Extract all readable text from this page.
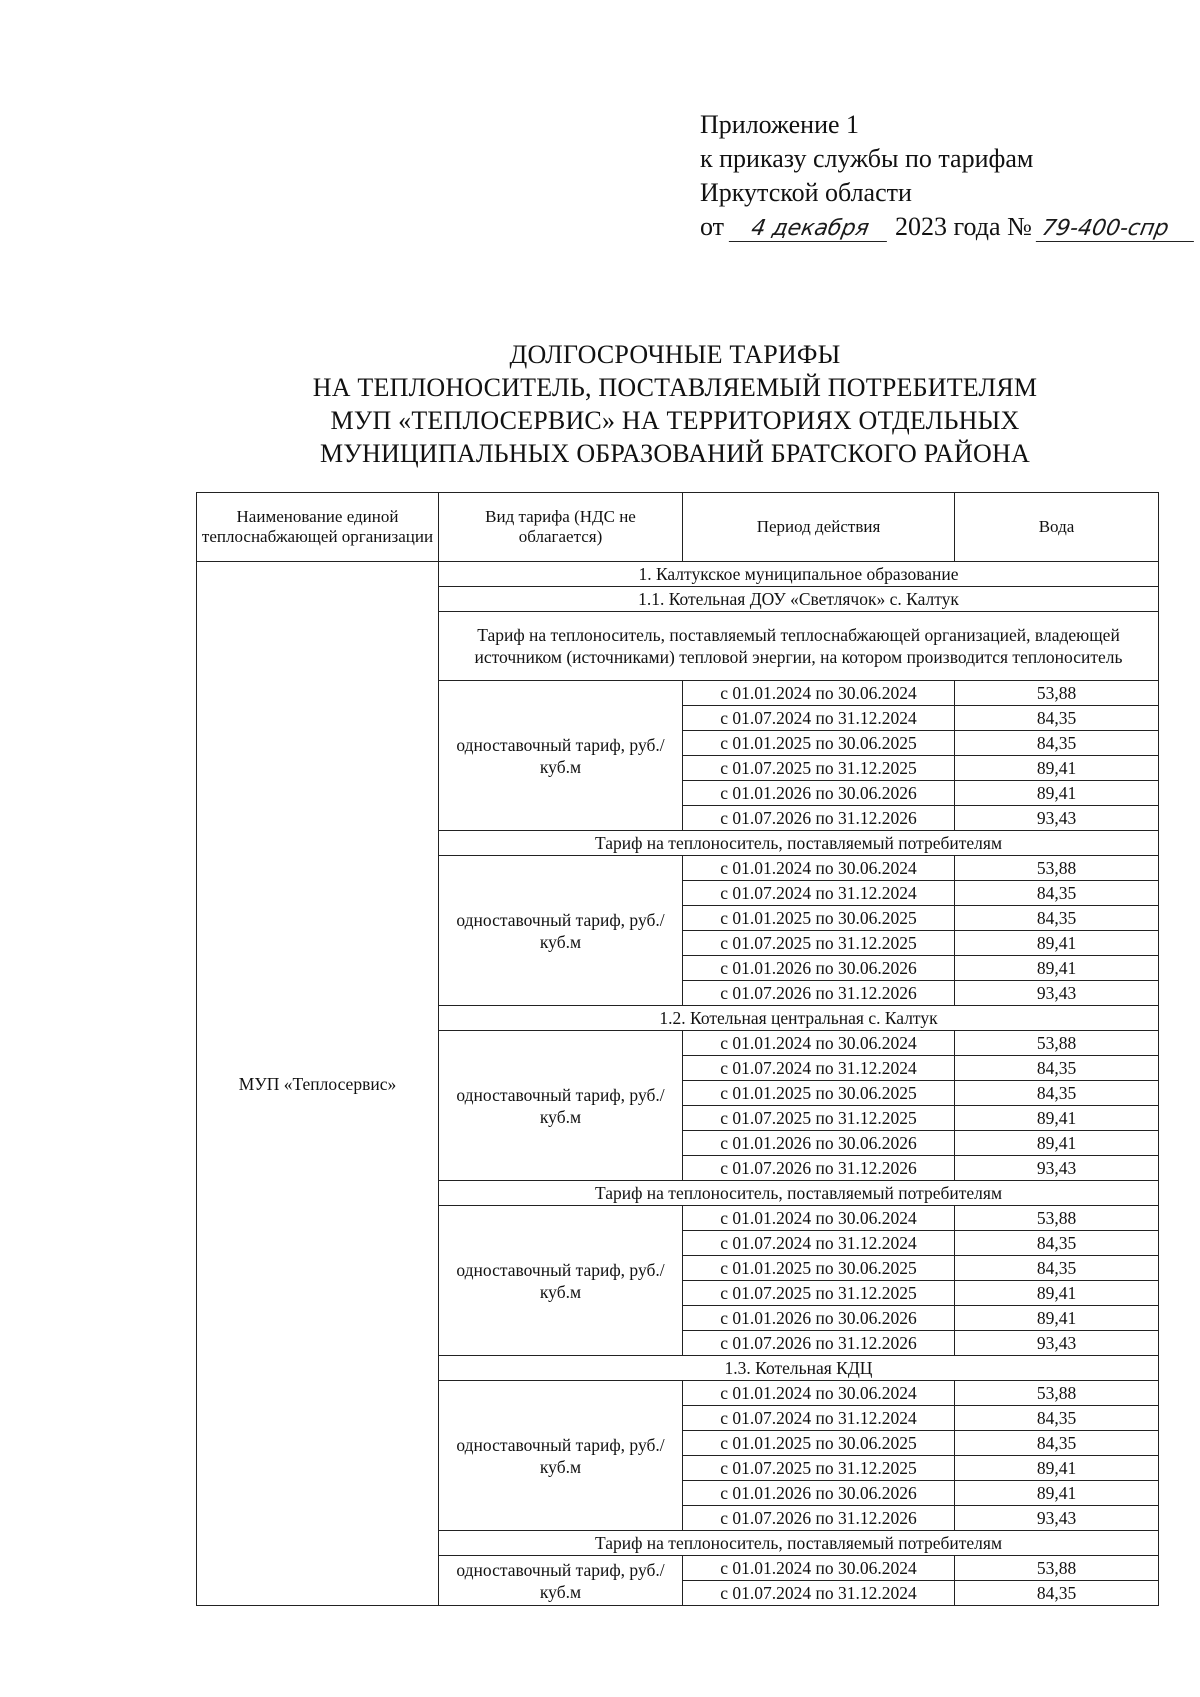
Приложение 1
к приказу службы по тарифам
Иркутской области
от 4 декабря 2023 года № 79-400-спр
ДОЛГОСРОЧНЫЕ ТАРИФЫ
НА ТЕПЛОНОСИТЕЛЬ, ПОСТАВЛЯЕМЫЙ ПОТРЕБИТЕЛЯМ
МУП «ТЕПЛОСЕРВИС» НА ТЕРРИТОРИЯХ ОТДЕЛЬНЫХ
МУНИЦИПАЛЬНЫХ ОБРАЗОВАНИЙ БРАТСКОГО РАЙОНА
Наименование единой теплоснабжающей организации	Вид тарифа (НДС не облагается)	Период действия	Вода
МУП «Теплосервис»	1. Калтукское муниципальное образование		
	1.1. Котельная ДОУ «Светлячок» с. Калтук		
	Тариф на теплоноситель, поставляемый теплоснабжающей организацией, владеющей источником (источниками) тепловой энергии, на котором производится теплоноситель		
	одноставочный тариф, руб./куб.м	с 01.01.2024 по 30.06.2024	53,88
		с 01.07.2024 по 31.12.2024	84,35
		с 01.01.2025 по 30.06.2025	84,35
		с 01.07.2025 по 31.12.2025	89,41
		с 01.01.2026 по 30.06.2026	89,41
		с 01.07.2026 по 31.12.2026	93,43
	Тариф на теплоноситель, поставляемый потребителям		
	одноставочный тариф, руб./куб.м	с 01.01.2024 по 30.06.2024	53,88
		с 01.07.2024 по 31.12.2024	84,35
		с 01.01.2025 по 30.06.2025	84,35
		с 01.07.2025 по 31.12.2025	89,41
		с 01.01.2026 по 30.06.2026	89,41
		с 01.07.2026 по 31.12.2026	93,43
	1.2. Котельная центральная с. Калтук		
	одноставочный тариф, руб./куб.м	с 01.01.2024 по 30.06.2024	53,88
		с 01.07.2024 по 31.12.2024	84,35
		с 01.01.2025 по 30.06.2025	84,35
		с 01.07.2025 по 31.12.2025	89,41
		с 01.01.2026 по 30.06.2026	89,41
		с 01.07.2026 по 31.12.2026	93,43
	Тариф на теплоноситель, поставляемый потребителям		
	одноставочный тариф, руб./куб.м	с 01.01.2024 по 30.06.2024	53,88
		с 01.07.2024 по 31.12.2024	84,35
		с 01.01.2025 по 30.06.2025	84,35
		с 01.07.2025 по 31.12.2025	89,41
		с 01.01.2026 по 30.06.2026	89,41
		с 01.07.2026 по 31.12.2026	93,43
	1.3. Котельная КДЦ		
	одноставочный тариф, руб./куб.м	с 01.01.2024 по 30.06.2024	53,88
		с 01.07.2024 по 31.12.2024	84,35
		с 01.01.2025 по 30.06.2025	84,35
		с 01.07.2025 по 31.12.2025	89,41
		с 01.01.2026 по 30.06.2026	89,41
		с 01.07.2026 по 31.12.2026	93,43
	Тариф на теплоноситель, поставляемый потребителям		
	одноставочный тариф, руб./куб.м	с 01.01.2024 по 30.06.2024	53,88
		с 01.07.2024 по 31.12.2024	84,35
